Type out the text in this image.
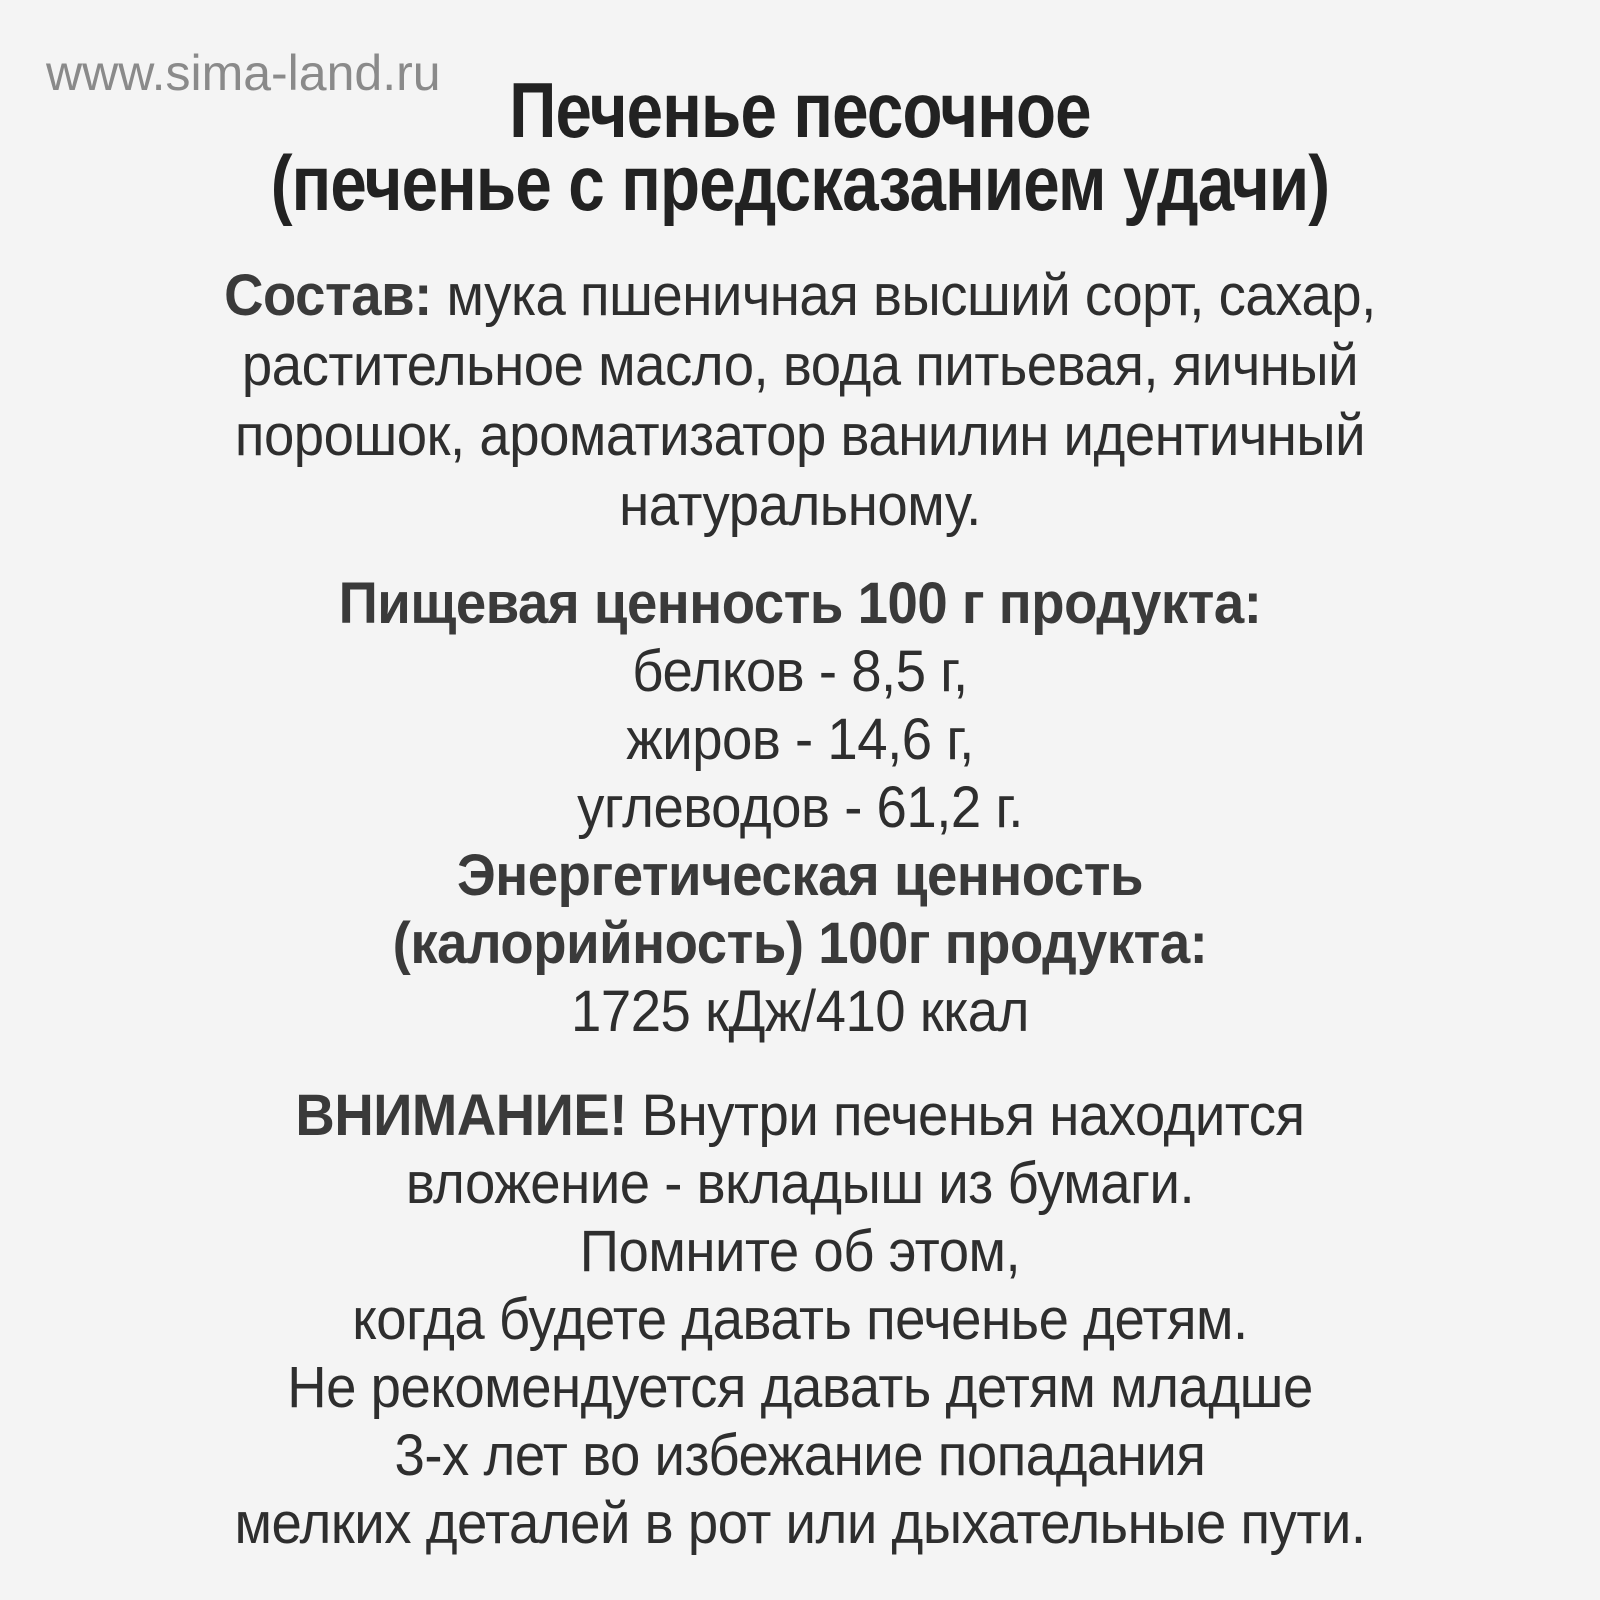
www.sima-land.ru Печенье песочное
(печенье с предсказанием удачи)
Состав: мука пшеничная высший сорт, сахар,
растительное масло, вода питьевая, яичный
порошок, ароматизатор ванилин идентичный
натуральному.
Пищевая ценность 100 г продукта:
белков - 8,5 г,
жиров - 14,6 г,
углеводов - 61,2 г.
Энергетическая ценность
(калорийность) 100г продукта:
1725 кДж/410 ккал
ВНИМАНИЕ! Внутри печенья находится
вложение - вкладыш из бумаги.
Помните об этом,
когда будете давать печенье детям.
Не рекомендуется давать детям младше
3-х лет во избежание попадания
мелких деталей в рот или дыхательные пути.
